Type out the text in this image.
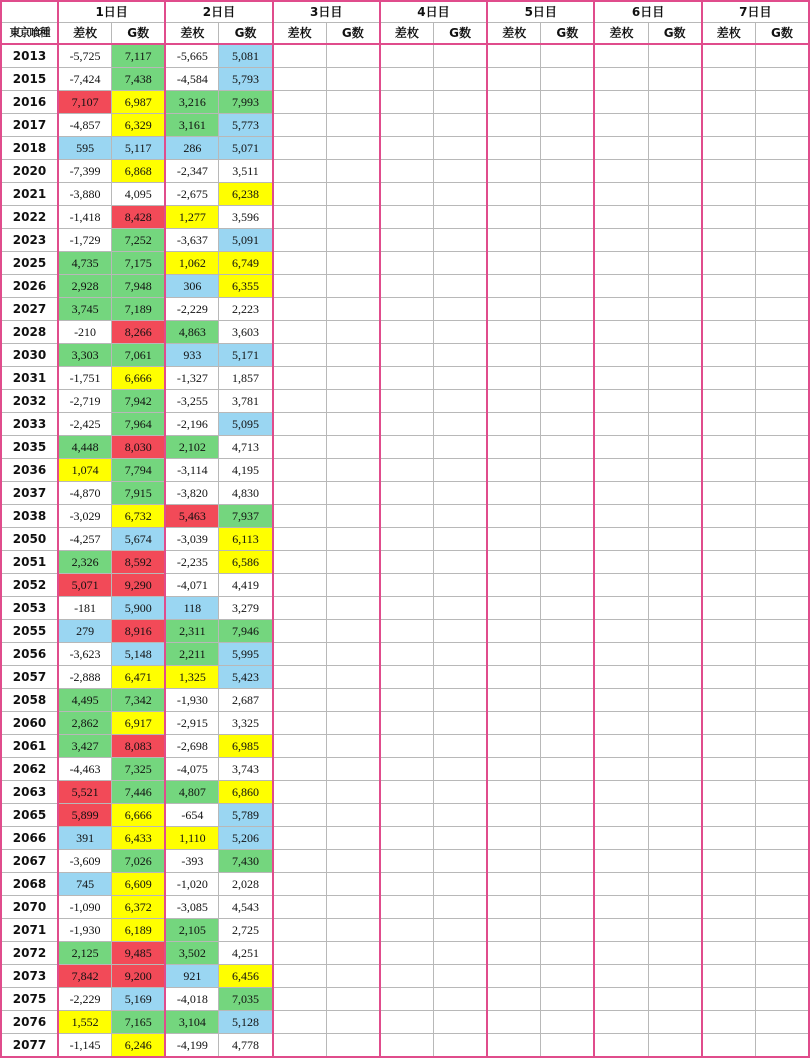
	1日目		2日目		3日目		4日目		5日目		6日目		7日目	
東京喰種	差枚	G数	差枚	G数	差枚	G数	差枚	G数	差枚	G数	差枚	G数	差枚	G数
2013	-5,725	7,117	-5,665	5,081										
2015	-7,424	7,438	-4,584	5,793										
2016	7,107	6,987	3,216	7,993										
2017	-4,857	6,329	3,161	5,773										
2018	595	5,117	286	5,071										
2020	-7,399	6,868	-2,347	3,511										
2021	-3,880	4,095	-2,675	6,238										
2022	-1,418	8,428	1,277	3,596										
2023	-1,729	7,252	-3,637	5,091										
2025	4,735	7,175	1,062	6,749										
2026	2,928	7,948	306	6,355										
2027	3,745	7,189	-2,229	2,223										
2028	-210	8,266	4,863	3,603										
2030	3,303	7,061	933	5,171										
2031	-1,751	6,666	-1,327	1,857										
2032	-2,719	7,942	-3,255	3,781										
2033	-2,425	7,964	-2,196	5,095										
2035	4,448	8,030	2,102	4,713										
2036	1,074	7,794	-3,114	4,195										
2037	-4,870	7,915	-3,820	4,830										
2038	-3,029	6,732	5,463	7,937										
2050	-4,257	5,674	-3,039	6,113										
2051	2,326	8,592	-2,235	6,586										
2052	5,071	9,290	-4,071	4,419										
2053	-181	5,900	118	3,279										
2055	279	8,916	2,311	7,946										
2056	-3,623	5,148	2,211	5,995										
2057	-2,888	6,471	1,325	5,423										
2058	4,495	7,342	-1,930	2,687										
2060	2,862	6,917	-2,915	3,325										
2061	3,427	8,083	-2,698	6,985										
2062	-4,463	7,325	-4,075	3,743										
2063	5,521	7,446	4,807	6,860										
2065	5,899	6,666	-654	5,789										
2066	391	6,433	1,110	5,206										
2067	-3,609	7,026	-393	7,430										
2068	745	6,609	-1,020	2,028										
2070	-1,090	6,372	-3,085	4,543										
2071	-1,930	6,189	2,105	2,725										
2072	2,125	9,485	3,502	4,251										
2073	7,842	9,200	921	6,456										
2075	-2,229	5,169	-4,018	7,035										
2076	1,552	7,165	3,104	5,128										
2077	-1,145	6,246	-4,199	4,778										
